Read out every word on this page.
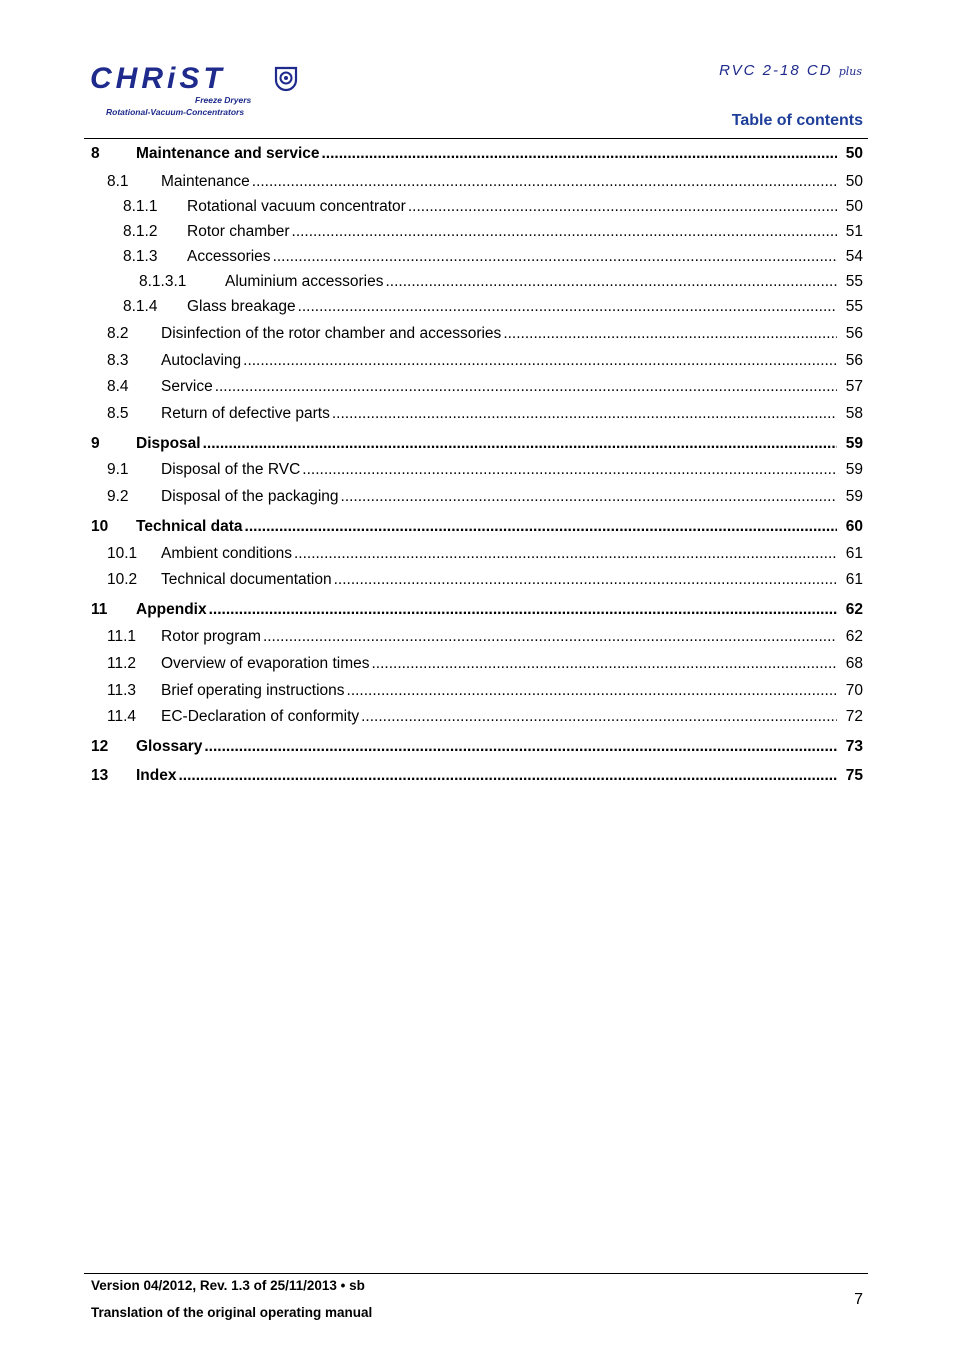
CHRiST
Freeze Dryers
Rotational-Vacuum-Concentrators
RVC 2-18 CD plus
Table of contents
8 Maintenance and service .....	50
8.1 Maintenance .....	50
8.1.1 Rotational vacuum concentrator .....	50
8.1.2 Rotor chamber .....	51
8.1.3 Accessories .....	54
8.1.3.1 Aluminium accessories .....	55
8.1.4 Glass breakage .....	55
8.2 Disinfection of the rotor chamber and accessories .....	56
8.3 Autoclaving .....	56
8.4 Service .....	57
8.5 Return of defective parts .....	58
9 Disposal .....	59
9.1 Disposal of the RVC .....	59
9.2 Disposal of the packaging .....	59
10 Technical data .....	60
10.1 Ambient conditions .....	61
10.2 Technical documentation .....	61
11 Appendix .....	62
11.1 Rotor program .....	62
11.2 Overview of evaporation times .....	68
11.3 Brief operating instructions .....	70
11.4 EC-Declaration of conformity .....	72
12 Glossary .....	73
13 Index .....	75
Version 04/2012, Rev. 1.3 of 25/11/2013 • sb
Translation of the original operating manual
7
